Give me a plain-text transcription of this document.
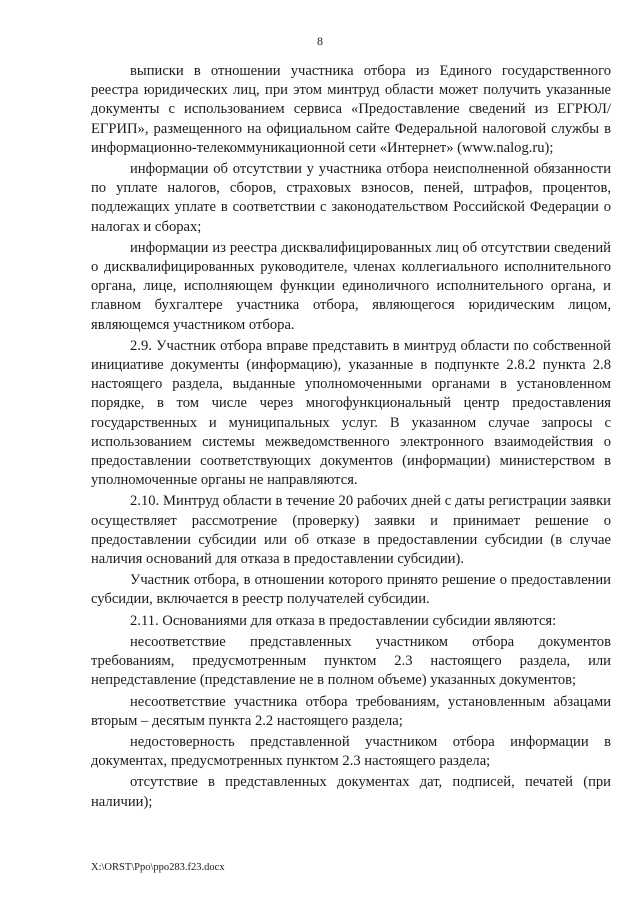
8

выписки в отношении участника отбора из Единого государственного реестра юридических лиц, при этом минтруд области может получить указанные документы с использованием сервиса «Предоставление сведений из ЕГРЮЛ/ЕГРИП», размещенного на официальном сайте Федеральной налоговой службы в информационно-телекоммуникационной сети «Интернет» (www.nalog.ru);

информации об отсутствии у участника отбора неисполненной обязанности по уплате налогов, сборов, страховых взносов, пеней, штрафов, процентов, подлежащих уплате в соответствии с законодательством Российской Федерации о налогах и сборах;

информации из реестра дисквалифицированных лиц об отсутствии сведений о дисквалифицированных руководителе, членах коллегиального исполнительного органа, лице, исполняющем функции единоличного исполнительного органа, и главном бухгалтере участника отбора, являющегося юридическим лицом, являющемся участником отбора.

2.9. Участник отбора вправе представить в минтруд области по собственной инициативе документы (информацию), указанные в подпункте 2.8.2 пункта 2.8 настоящего раздела, выданные уполномоченными органами в установленном порядке, в том числе через многофункциональный центр предоставления государственных и муниципальных услуг. В указанном случае запросы с использованием системы межведомственного электронного взаимодействия о предоставлении соответствующих документов (информации) министерством в уполномоченные органы не направляются.

2.10. Минтруд области в течение 20 рабочих дней с даты регистрации заявки осуществляет рассмотрение (проверку) заявки и принимает решение о предоставлении субсидии или об отказе в предоставлении субсидии (в случае наличия оснований для отказа в предоставлении субсидии).

Участник отбора, в отношении которого принято решение о предоставлении субсидии, включается в реестр получателей субсидии.

2.11. Основаниями для отказа в предоставлении субсидии являются:

несоответствие представленных участником отбора документов требованиям, предусмотренным пунктом 2.3 настоящего раздела, или непредставление (представление не в полном объеме) указанных документов;

несоответствие участника отбора требованиям, установленным абзацами вторым – десятым пункта 2.2 настоящего раздела;

недостоверность представленной участником отбора информации в документах, предусмотренных пунктом 2.3 настоящего раздела;

отсутствие в представленных документах дат, подписей, печатей (при наличии);

X:\ORST\Ppo\ppo283.f23.docx
